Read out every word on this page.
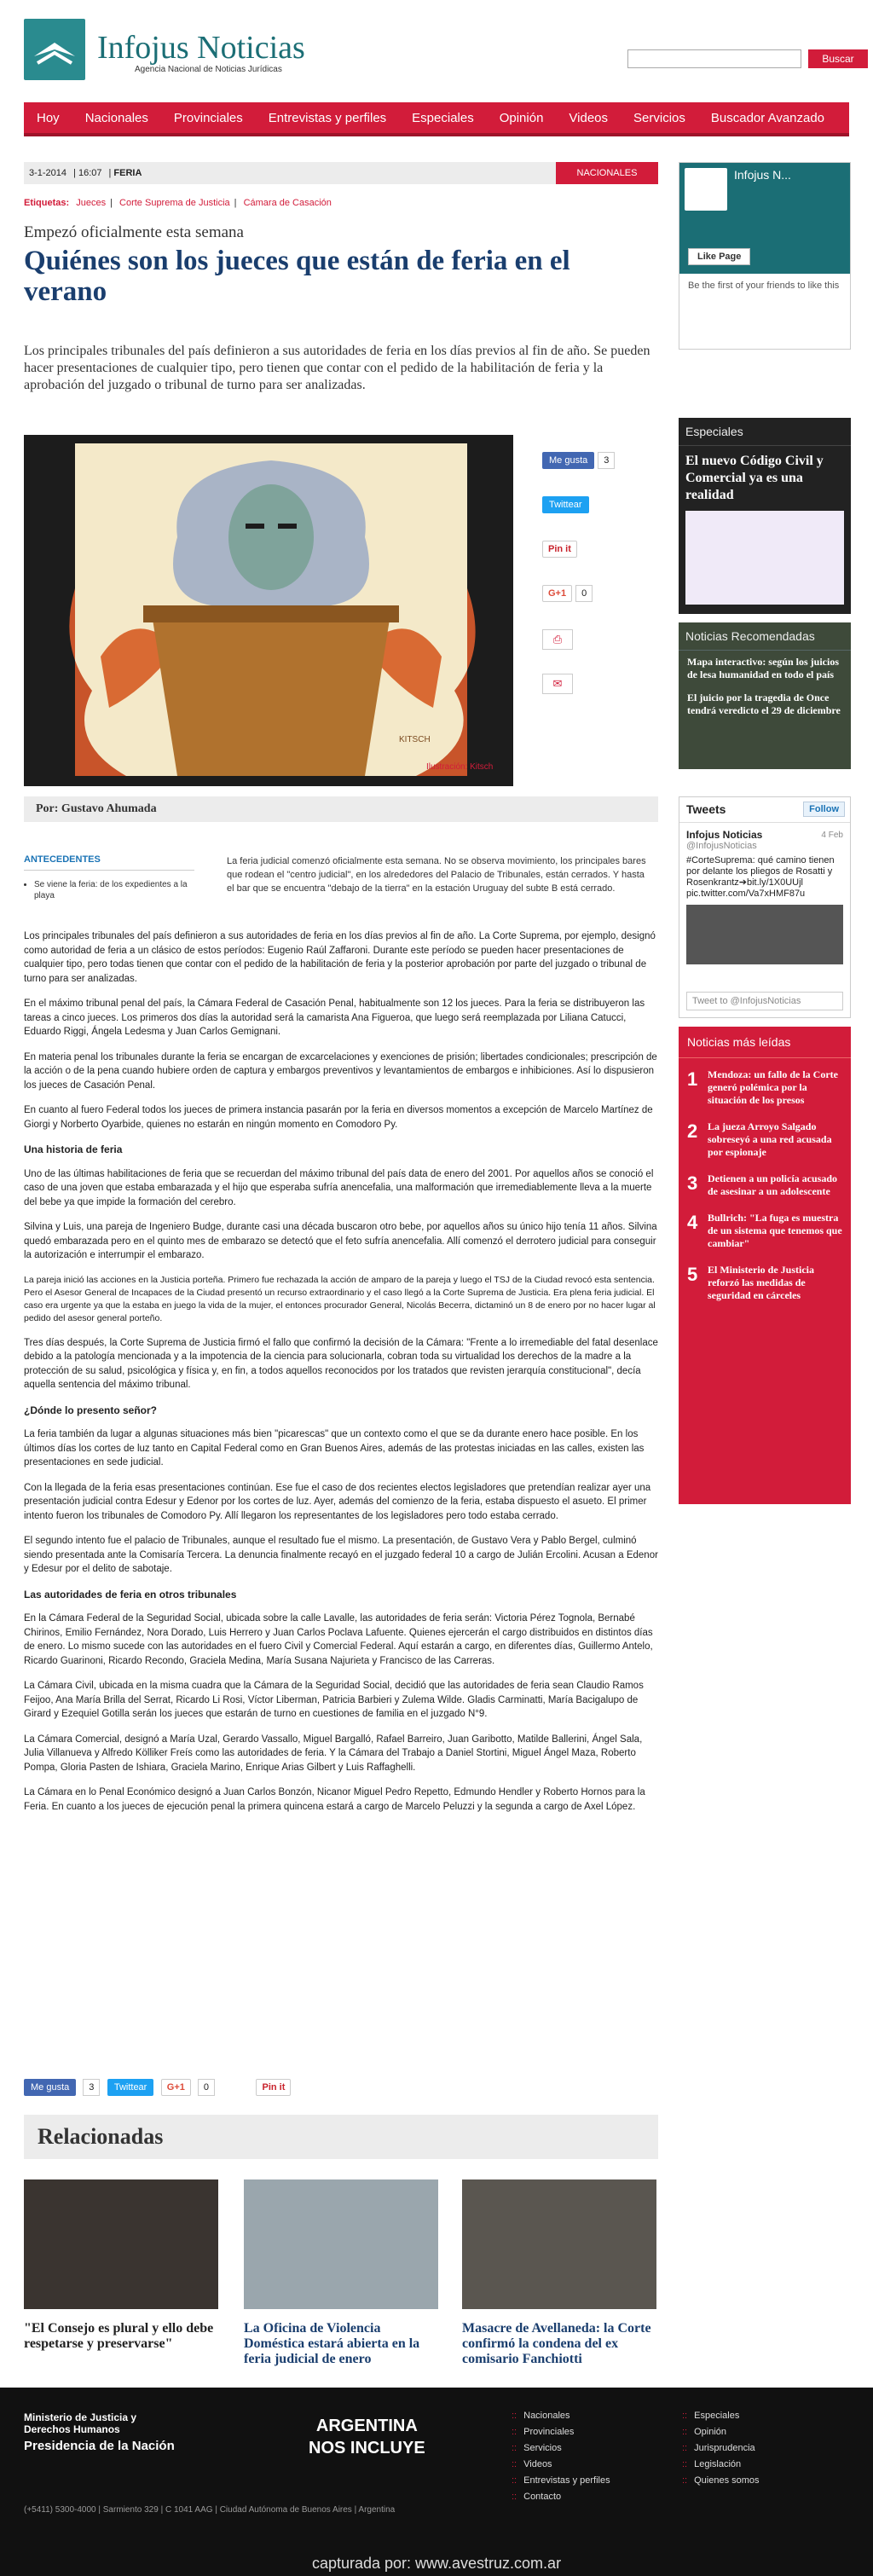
Infojus Noticias
Agencia Nacional de Noticias Jurídicas
Buscar
Hoy	Nacionales	Provinciales	Entrevistas y perfiles	Especiales	Opinión	Videos	Servicios	Buscador Avanzado
3-1-2014 | 16:07 | FERIA	NACIONALES
Etiquetas: Jueces | Corte Suprema de Justicia | Cámara de Casación
Empezó oficialmente esta semana
Quiénes son los jueces que están de feria en el verano
Los principales tribunales del país definieron a sus autoridades de feria en los días previos al fin de año. Se pueden hacer presentaciones de cualquier tipo, pero tienen que contar con el pedido de la habilitación de feria y la aprobación del juzgado o tribunal de turno para ser analizadas.
KITSCH
Ilustración: Kitsch
Me gusta 3
Twittear
Pin it
G+1 0
⎙
✉
Por: Gustavo Ahumada
ANTECEDENTES
• Se viene la feria: de los expedientes a la playa
La feria judicial comenzó oficialmente esta semana. No se observa movimiento, los principales bares que rodean el "centro judicial", en los alrededores del Palacio de Tribunales, están cerrados. Y hasta el bar que se encuentra "debajo de la tierra" en la estación Uruguay del subte B está cerrado.

Los principales tribunales del país definieron a sus autoridades de feria en los días previos al fin de año. La Corte Suprema, por ejemplo, designó como autoridad de feria a un clásico de estos períodos: Eugenio Raúl Zaffaroni. Durante este período se pueden hacer presentaciones de cualquier tipo, pero todas tienen que contar con el pedido de la habilitación de feria y la posterior aprobación por parte del juzgado o tribunal de turno para ser analizadas.

En el máximo tribunal penal del país, la Cámara Federal de Casación Penal, habitualmente son 12 los jueces. Para la feria se distribuyeron las tareas a cinco jueces. Los primeros dos días la autoridad será la camarista Ana Figueroa, que luego será reemplazada por Liliana Catucci, Eduardo Riggi, Ángela Ledesma y Juan Carlos Gemignani.

En materia penal los tribunales durante la feria se encargan de excarcelaciones y exenciones de prisión; libertades condicionales; prescripción de la acción o de la pena cuando hubiere orden de captura y embargos preventivos y levantamientos de embargos e inhibiciones. Así lo dispusieron los jueces de Casación Penal.

En cuanto al fuero Federal todos los jueces de primera instancia pasarán por la feria en diversos momentos a excepción de Marcelo Martínez de Giorgi y Norberto Oyarbide, quienes no estarán en ningún momento en Comodoro Py.

Una historia de feria

Uno de las últimas habilitaciones de feria que se recuerdan del máximo tribunal del país data de enero del 2001. Por aquellos años se conoció el caso de una joven que estaba embarazada y el hijo que esperaba sufría anencefalia, una malformación que irremediablemente lleva a la muerte del bebe ya que impide la formación del cerebro.

Silvina y Luis, una pareja de Ingeniero Budge, durante casi una década buscaron otro bebe, por aquellos años su único hijo tenía 11 años. Silvina quedó embarazada pero en el quinto mes de embarazo se detectó que el feto sufría anencefalia. Allí comenzó el derrotero judicial para conseguir la autorización e interrumpir el embarazo.

La pareja inició las acciones en la Justicia porteña. Primero fue rechazada la acción de amparo de la pareja y luego el TSJ de la Ciudad revocó esta sentencia. Pero el Asesor General de Incapaces de la Ciudad presentó un recurso extraordinario y el caso llegó a la Corte Suprema de Justicia. Era plena feria judicial. El caso era urgente ya que la estaba en juego la vida de la mujer, el entonces procurador General, Nicolás Becerra, dictaminó un 8 de enero por no hacer lugar al pedido del asesor general porteño.

Tres días después, la Corte Suprema de Justicia firmó el fallo que confirmó la decisión de la Cámara: "Frente a lo irremediable del fatal desenlace debido a la patología mencionada y a la impotencia de la ciencia para solucionarla, cobran toda su virtualidad los derechos de la madre a la protección de su salud, psicológica y física y, en fin, a todos aquellos reconocidos por los tratados que revisten jerarquía constitucional", decía aquella sentencia del máximo tribunal.

¿Dónde lo presento señor?

La feria también da lugar a algunas situaciones más bien "picarescas" que un contexto como el que se da durante enero hace posible. En los últimos días los cortes de luz tanto en Capital Federal como en Gran Buenos Aires, además de las protestas iniciadas en las calles, existen las presentaciones en sede judicial.

Con la llegada de la feria esas presentaciones continúan. Ese fue el caso de dos recientes electos legisladores que pretendían realizar ayer una presentación judicial contra Edesur y Edenor por los cortes de luz. Ayer, además del comienzo de la feria, estaba dispuesto el asueto. El primer intento fueron los tribunales de Comodoro Py. Allí llegaron los representantes de los legisladores pero todo estaba cerrado.

El segundo intento fue el palacio de Tribunales, aunque el resultado fue el mismo. La presentación, de Gustavo Vera y Pablo Bergel, culminó siendo presentada ante la Comisaría Tercera. La denuncia finalmente recayó en el juzgado federal 10 a cargo de Julián Ercolini. Acusan a Edenor y Edesur por el delito de sabotaje.

Las autoridades de feria en otros tribunales

En la Cámara Federal de la Seguridad Social, ubicada sobre la calle Lavalle, las autoridades de feria serán: Victoria Pérez Tognola, Bernabé Chirinos, Emilio Fernández, Nora Dorado, Luis Herrero y Juan Carlos Poclava Lafuente. Quienes ejercerán el cargo distribuidos en distintos días de enero. Lo mismo sucede con las autoridades en el fuero Civil y Comercial Federal. Aquí estarán a cargo, en diferentes días, Guillermo Antelo, Ricardo Guarinoni, Ricardo Recondo, Graciela Medina, María Susana Najurieta y Francisco de las Carreras.

La Cámara Civil, ubicada en la misma cuadra que la Cámara de la Seguridad Social, decidió que las autoridades de feria sean Claudio Ramos Feijoo, Ana María Brilla del Serrat, Ricardo Li Rosi, Víctor Liberman, Patricia Barbieri y Zulema Wilde. Gladis Carminatti, María Bacigalupo de Girard y Ezequiel Gotilla serán los jueces que estarán de turno en cuestiones de familia en el juzgado N°9.

La Cámara Comercial, designó a María Uzal, Gerardo Vassallo, Miguel Bargalló, Rafael Barreiro, Juan Garibotto, Matilde Ballerini, Ángel Sala, Julia Villanueva y Alfredo Kölliker Freís como las autoridades de feria. Y la Cámara del Trabajo a Daniel Stortini, Miguel Ángel Maza, Roberto Pompa, Gloria Pasten de Ishiara, Graciela Marino, Enrique Arias Gilbert y Luis Raffaghelli.

La Cámara en lo Penal Económico designó a Juan Carlos Bonzón, Nicanor Miguel Pedro Repetto, Edmundo Hendler y Roberto Hornos para la Feria. En cuanto a los jueces de ejecución penal la primera quincena estará a cargo de Marcelo Peluzzi y la segunda a cargo de Axel López.

Me gusta 3 Twittear G+1 0	Pin it
Relacionadas
"El Consejo es plural y ello debe respetarse y preservarse"
La Oficina de Violencia Doméstica estará abierta en la feria judicial de enero
Masacre de Avellaneda: la Corte confirmó la condena del ex comisario Fanchiotti
Infojus N...
Like Page
Be the first of your friends to like this
Especiales
El nuevo Código Civil y Comercial ya es una realidad
Noticias Recomendadas
Mapa interactivo: según los juicios de lesa humanidad en todo el país
El juicio por la tragedia de Once tendrá veredicto el 29 de diciembre
Tweets	Follow
4 Feb
Infojus Noticias
@InfojusNoticias
#CorteSuprema: qué camino tienen por delante los pliegos de Rosatti y Rosenkrantz➔bit.ly/1X0UUjl pic.twitter.com/Va7xHMF87u
Tweet to @InfojusNoticias
Noticias más leídas
1 Mendoza: un fallo de la Corte generó polémica por la situación de los presos
2 La jueza Arroyo Salgado sobreseyó a una red acusada por espionaje
3 Detienen a un policía acusado de asesinar a un adolescente
4 Bullrich: "La fuga es muestra de un sistema que tenemos que cambiar"
5 El Ministerio de Justicia reforzó las medidas de seguridad en cárceles
Ministerio de Justicia y Derechos Humanos
Presidencia de la Nación
ARGENTINA
NOS INCLUYE
(+5411) 5300-4000 | Sarmiento 329 | C 1041 AAG | Ciudad Autónoma de Buenos Aires | Argentina
:: Nacionales
:: Provinciales
:: Servicios
:: Videos
:: Entrevistas y perfiles
:: Contacto
:: Especiales
:: Opinión
:: Jurisprudencia
:: Legislación
:: Quienes somos
capturada por: www.avestruz.com.ar
